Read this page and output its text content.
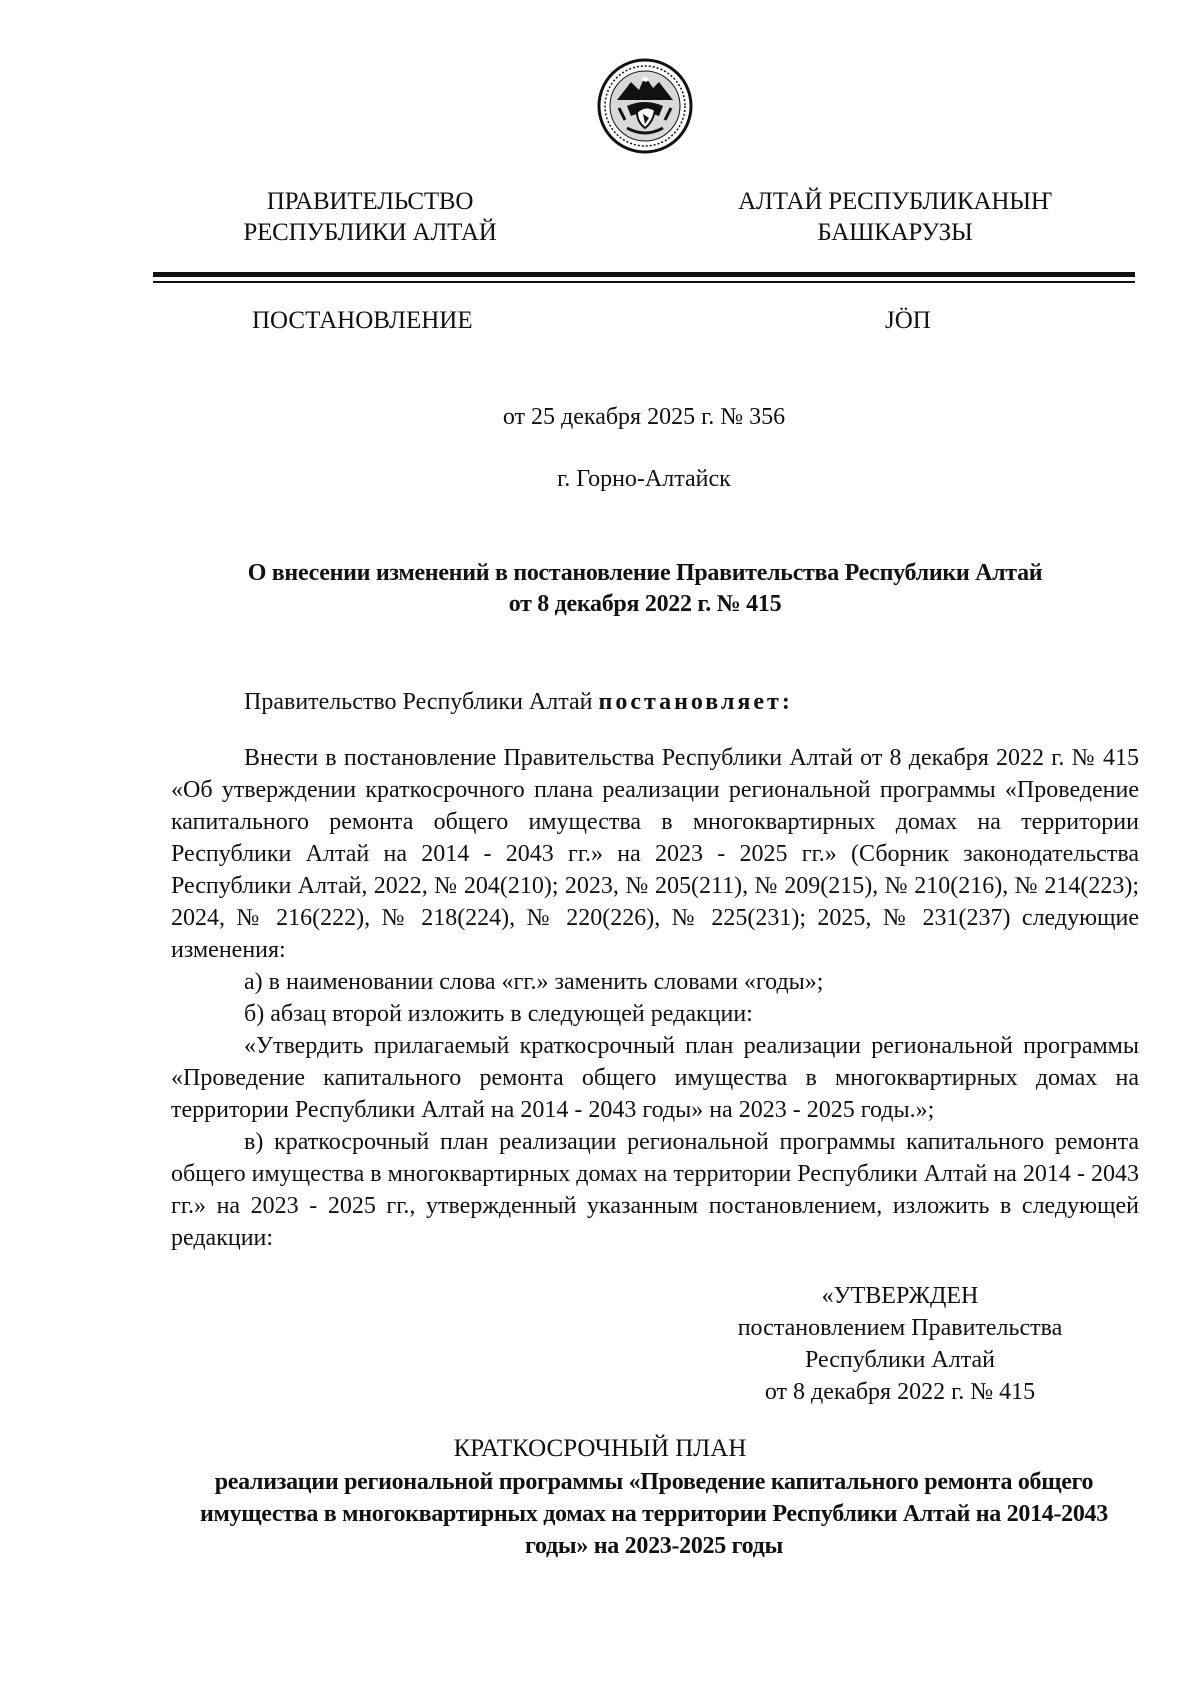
ПРАВИТЕЛЬСТВО
РЕСПУБЛИКИ АЛТАЙ
АЛТАЙ РЕСПУБЛИКАНЫҤ
БАШКАРУЗЫ
ПОСТАНОВЛЕНИЕ	JӦП
от 25 декабря 2025 г. № 356
г. Горно-Алтайск
О внесении изменений в постановление Правительства Республики Алтай
от 8 декабря 2022 г. № 415
Правительство Республики Алтай постановляет:

Внести в постановление Правительства Республики Алтай от 8 декабря 2022 г. № 415 «Об утверждении краткосрочного плана реализации региональной программы «Проведение капитального ремонта общего имущества в многоквартирных домах на территории Республики Алтай на 2014 - 2043 гг.» на 2023 - 2025 гг.» (Сборник законодательства Республики Алтай, 2022, № 204(210); 2023, № 205(211), № 209(215), № 210(216), № 214(223); 2024, № 216(222), № 218(224), № 220(226), № 225(231); 2025, № 231(237) следующие изменения:

а) в наименовании слова «гг.» заменить словами «годы»;

б) абзац второй изложить в следующей редакции:

«Утвердить прилагаемый краткосрочный план реализации региональной программы «Проведение капитального ремонта общего имущества в многоквартирных домах на территории Республики Алтай на 2014 - 2043 годы» на 2023 - 2025 годы.»;

в) краткосрочный план реализации региональной программы капитального ремонта общего имущества в многоквартирных домах на территории Республики Алтай на 2014 - 2043 гг.» на 2023 - 2025 гг., утвержденный указанным постановлением, изложить в следующей редакции:

«УТВЕРЖДЕН
постановлением Правительства
Республики Алтай
от 8 декабря 2022 г. № 415
КРАТКОСРОЧНЫЙ ПЛАН
реализации региональной программы «Проведение капитального ремонта общего имущества в многоквартирных домах на территории Республики Алтай на 2014-2043 годы» на 2023-2025 годы
